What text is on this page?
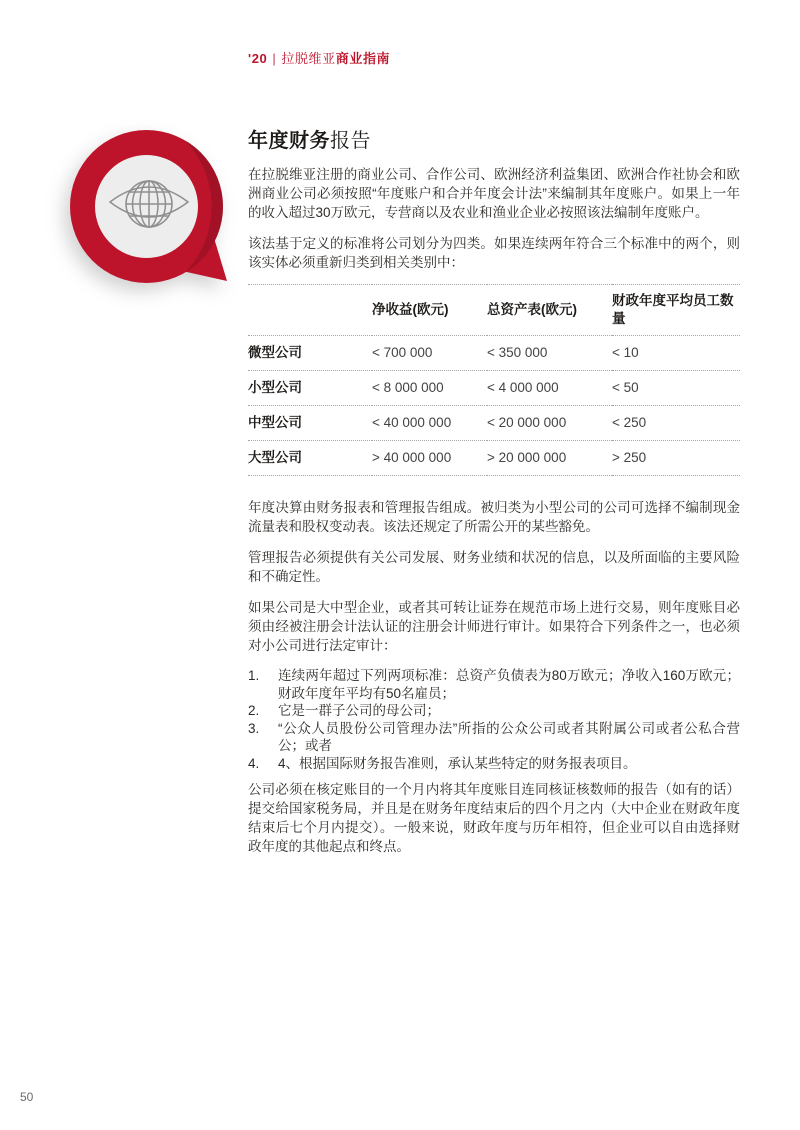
'20 | 拉脱维亚商业指南
年度财务报告

在拉脱维亚注册的商业公司、合作公司、欧洲经济利益集团、欧洲合作社协会和欧洲商业公司必须按照“年度账户和合并年度会计法”来编制其年度账户。如果上一年的收入超过30万欧元，专营商以及农业和渔业企业必按照该法编制年度账户。

该法基于定义的标准将公司划分为四类。如果连续两年符合三个标准中的两个，则该实体必须重新归类到相关类别中：

	净收益(欧元)	总资产表(欧元)	财政年度平均员工数量
微型公司	< 700 000	< 350 000	< 10
小型公司	< 8 000 000	< 4 000 000	< 50
中型公司	< 40 000 000	< 20 000 000	< 250
大型公司	> 40 000 000	> 20 000 000	> 250

年度决算由财务报表和管理报告组成。被归类为小型公司的公司可选择不编制现金流量表和股权变动表。该法还规定了所需公开的某些豁免。

管理报告必须提供有关公司发展、财务业绩和状况的信息，以及所面临的主要风险和不确定性。

如果公司是大中型企业，或者其可转让证券在规范市场上进行交易，则年度账目必须由经被注册会计法认证的注册会计师进行审计。如果符合下列条件之一，也必须对小公司进行法定审计：

1.	连续两年超过下列两项标准：总资产负债表为80万欧元；净收入160万欧元；财政年度年平均有50名雇员；
2.	它是一群子公司的母公司；
3.	“公众人员股份公司管理办法”所指的公众公司或者其附属公司或者公私合营公；或者
4.	4、根据国际财务报告准则，承认某些特定的财务报表项目。

公司必须在核定账目的一个月内将其年度账目连同核证核数师的报告（如有的话）提交给国家税务局，并且是在财务年度结束后的四个月之内（大中企业在财政年度结束后七个月内提交）。一般来说，财政年度与历年相符，但企业可以自由选择财政年度的其他起点和终点。

50
